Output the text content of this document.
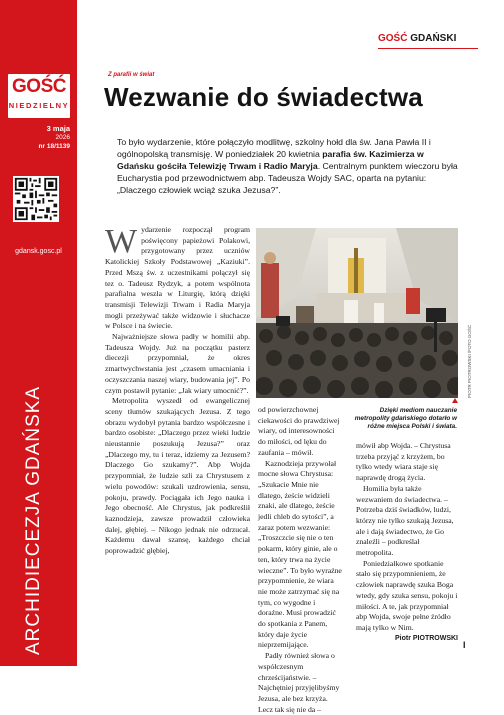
GOŚĆ
NIEDZIELNY
3 maja
2026
nr 18/1139
gdansk.gosc.pl
ARCHIDIECEZJA GDAŃSKA
GOŚĆ GDAŃSKI
Z parafii w świat
Wezwanie do świadectwa
To było wydarzenie, które połączyło modlitwę, szkolny hołd dla św. Jana Pawła II i ogólnopolską transmisję. W poniedziałek 20 kwietnia parafia św. Kazimierza w Gdańsku gościła Telewizję Trwam i Radio Maryja. Centralnym punktem wieczoru była Eucharystia pod przewodnictwem abp. Tadeusza Wojdy SAC, oparta na pytaniu: „Dlaczego człowiek wciąż szuka Jezusa?”.
W ydarzenie rozpoczął program poświęcony papieżowi Polakowi, przygotowany przez uczniów Katolickiej Szkoły Podstawowej „Kaziuki”. Przed Mszą św. z uczestnikami połączył się tez o. Tadeusz Rydzyk, a potem wspólnota parafialna weszła w Liturgię, którą dzięki transmisji Telewizji Trwam i Radia Maryja mogli przeżywać także widzowie i słuchacze w Polsce i na świecie.

Najważniejsze słowa padły w homilii abp. Tadeusza Wojdy. Już na początku pasterz diecezji przypomniał, że okres zmartwychwstania jest „czasem umacniania i oczyszczania naszej wiary, budowania jej”. Po czym postawił pytanie: „Jak wiary umocnić?”.

Metropolita wyszedł od ewangelicznej sceny tłumów szukających Jezusa. Z tego obrazu wydobył pytania bardzo współczesne i bardzo osobiste: „Dlaczego przez wieki ludzie nieustannie poszukują Jezusa?” oraz „Dlaczego my, tu i teraz, idziemy za Jezusem? Dlaczego Go szukamy?”. Abp Wojda przypomniał, że ludzie szli za Chrystusem z wielu powodów: szukali uzdrowienia, sensu, pokoju, prawdy. Pociągała ich Jego nauka i Jego obecność. Ale Chrystus, jak podkreślił kaznodzieja, zawsze prowadził człowieka dalej, głębiej. – Nikogo jednak nie odrzucał. Każdemu dawał szansę, każdego chciał poprowadzić głębiej,

PIOTR PIOTROWSKI /FOTO GOŚĆ
Dzięki mediom nauczanie metropolity gdańskiego dotarło w różne miejsca Polski i świata.

od powierzchownej ciekawości do prawdziwej wiary, od interesowności do miłości, od lęku do zaufania – mówił.

Kaznodzieja przywołał mocne słowa Chrystusa: „Szukacie Mnie nie dlatego, żeście widzieli znaki, ale dlatego, żeście jedli chleb do sytości”, a zaraz potem wezwanie: „Troszczcie się nie o ten pokarm, który ginie, ale o ten, który trwa na życie wieczne”. To było wyraźne przypomnienie, że wiara nie może zatrzymać się na tym, co wygodne i doraźne. Musi prowadzić do spotkania z Panem, który daje życie nieprzemijające.

Padły również słowa o współczesnym chrześcijaństwie. – Najchętniej przyjęlibyśmy Jezusa, ale bez krzyża. Lecz tak się nie da –

mówił abp Wojda. – Chrystusa trzeba przyjąć z krzyżem, bo tylko wtedy wiara staje się naprawdę drogą życia.

Homilia była także wezwaniem do świadectwa. – Potrzeba dziś świadków, ludzi, którzy nie tylko szukają Jezusa, ale i dają świadectwo, że Go znaleźli – podkreślał metropolita.

Poniedziałkowe spotkanie stało się przypomnieniem, że człowiek naprawdę szuka Boga wtedy, gdy szuka sensu, pokoju i miłości. A te, jak przypomniał abp Wojda, swoje pełne źródło mają tylko w Nim.

Piotr PIOTROWSKI
I
